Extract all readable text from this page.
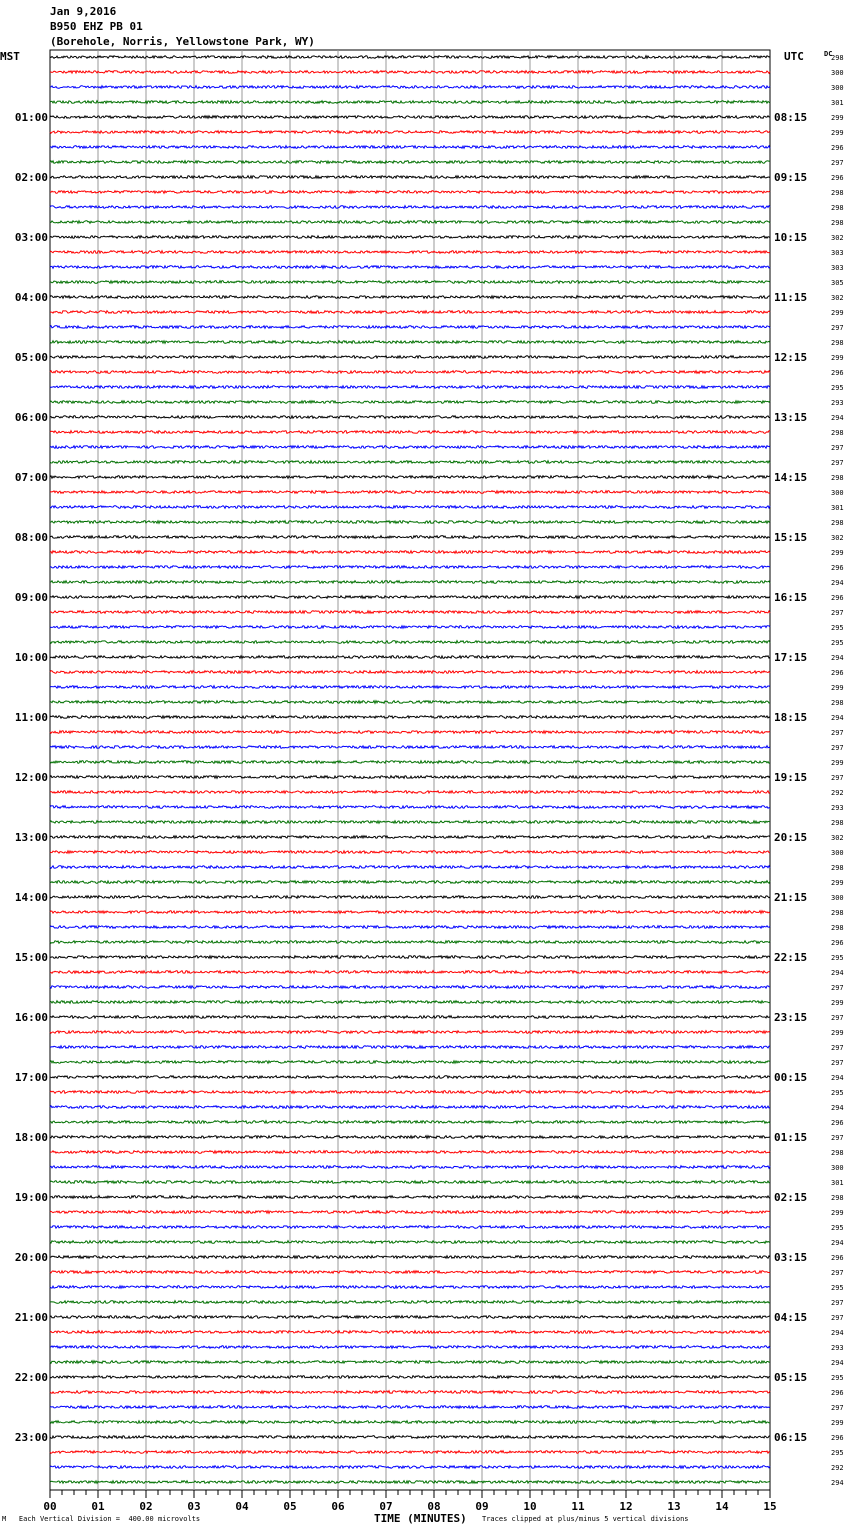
Jan 9,2016
B950 EHZ PB 01
(Borehole, Norris, Yellowstone Park, WY)
MST	UTC	DC
298
300
300
301
299
299
296
297
296
298
298
298
302
303
303
305
302
299
297
298
299
296
295
293
294
298
297
297
298
300
301
298
302
299
296
294
296
297
295
295
294
296
299
298
294
297
297
299
297
292
293
298
302
300
298
299
300
298
298
296
295
294
297
299
297
299
297
297
294
295
294
296
297
298
300
301
298
299
295
294
296
297
295
297
297
294
293
294
295
296
297
299
296
295
292
294
01:00
02:00
03:00
04:00
05:00
06:00
07:00
08:00
09:00
10:00
11:00
12:00
13:00
14:00
15:00
16:00
17:00
18:00
19:00
20:00
21:00
22:00
23:00
08:15
09:15
10:15
11:15
12:15
13:15
14:15
15:15
16:15
17:15
18:15
19:15
20:15
21:15
22:15
23:15
00:15
01:15
02:15
03:15
04:15
05:15
06:15
00	01	02	03	04	05	06	07	08	09	10	11	12	13	14	15
M Each Vertical Division =  400.00 microvolts	TIME (MINUTES) Traces clipped at plus/minus 5 vertical divisions
